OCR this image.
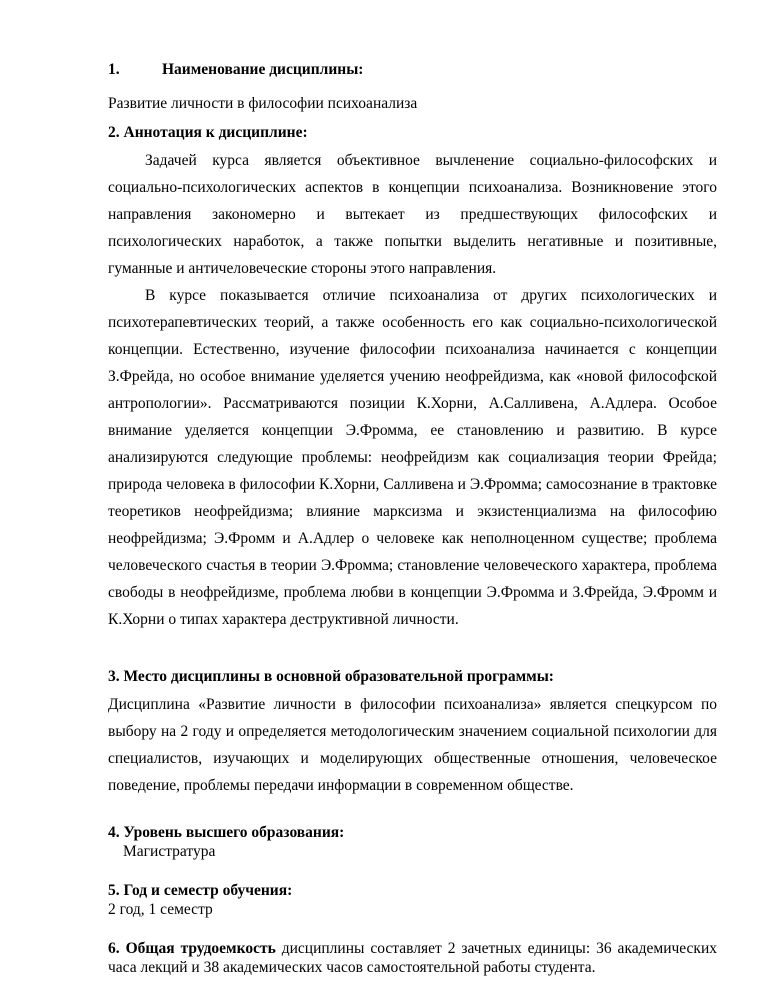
1.	Наименование дисциплины:

Развитие личности в философии психоанализа

2. Аннотация к дисциплине:

Задачей курса является объективное вычленение социально-философских и социально-психологических аспектов в концепции психоанализа. Возникновение этого направления закономерно и вытекает из предшествующих философских и психологических наработок, а также попытки выделить негативные и позитивные, гуманные и античеловеческие стороны этого направления.

В курсе показывается отличие психоанализа от других психологических и психотерапевтических теорий, а также особенность его как социально-психологической концепции. Естественно, изучение философии психоанализа начинается с концепции З.Фрейда, но особое внимание уделяется учению неофрейдизма, как «новой философской антропологии». Рассматриваются позиции К.Хорни, А.Салливена, А.Адлера. Особое внимание уделяется концепции Э.Фромма, ее становлению и развитию. В курсе анализируются следующие проблемы: неофрейдизм как социализация теории Фрейда; природа человека в философии К.Хорни, Салливена и Э.Фромма; самосознание в трактовке теоретиков неофрейдизма; влияние марксизма и экзистенциализма на философию неофрейдизма; Э.Фромм и А.Адлер о человеке как неполноценном существе; проблема человеческого счастья в теории Э.Фромма; становление человеческого характера, проблема свободы в неофрейдизме, проблема любви в концепции Э.Фромма и З.Фрейда, Э.Фромм и К.Хорни о типах характера деструктивной личности.

3. Место дисциплины в основной образовательной программы:

Дисциплина «Развитие личности в философии психоанализа» является спецкурсом по выбору на 2 году и определяется методологическим значением социальной психологии для специалистов, изучающих и моделирующих общественные отношения, человеческое поведение, проблемы передачи информации в современном обществе.

4. Уровень высшего образования:

Магистратура

5. Год и семестр обучения:

2 год, 1 семестр

6. Общая трудоемкость дисциплины составляет 2 зачетных единицы: 36 академических часа лекций и 38 академических часов самостоятельной работы студента.
